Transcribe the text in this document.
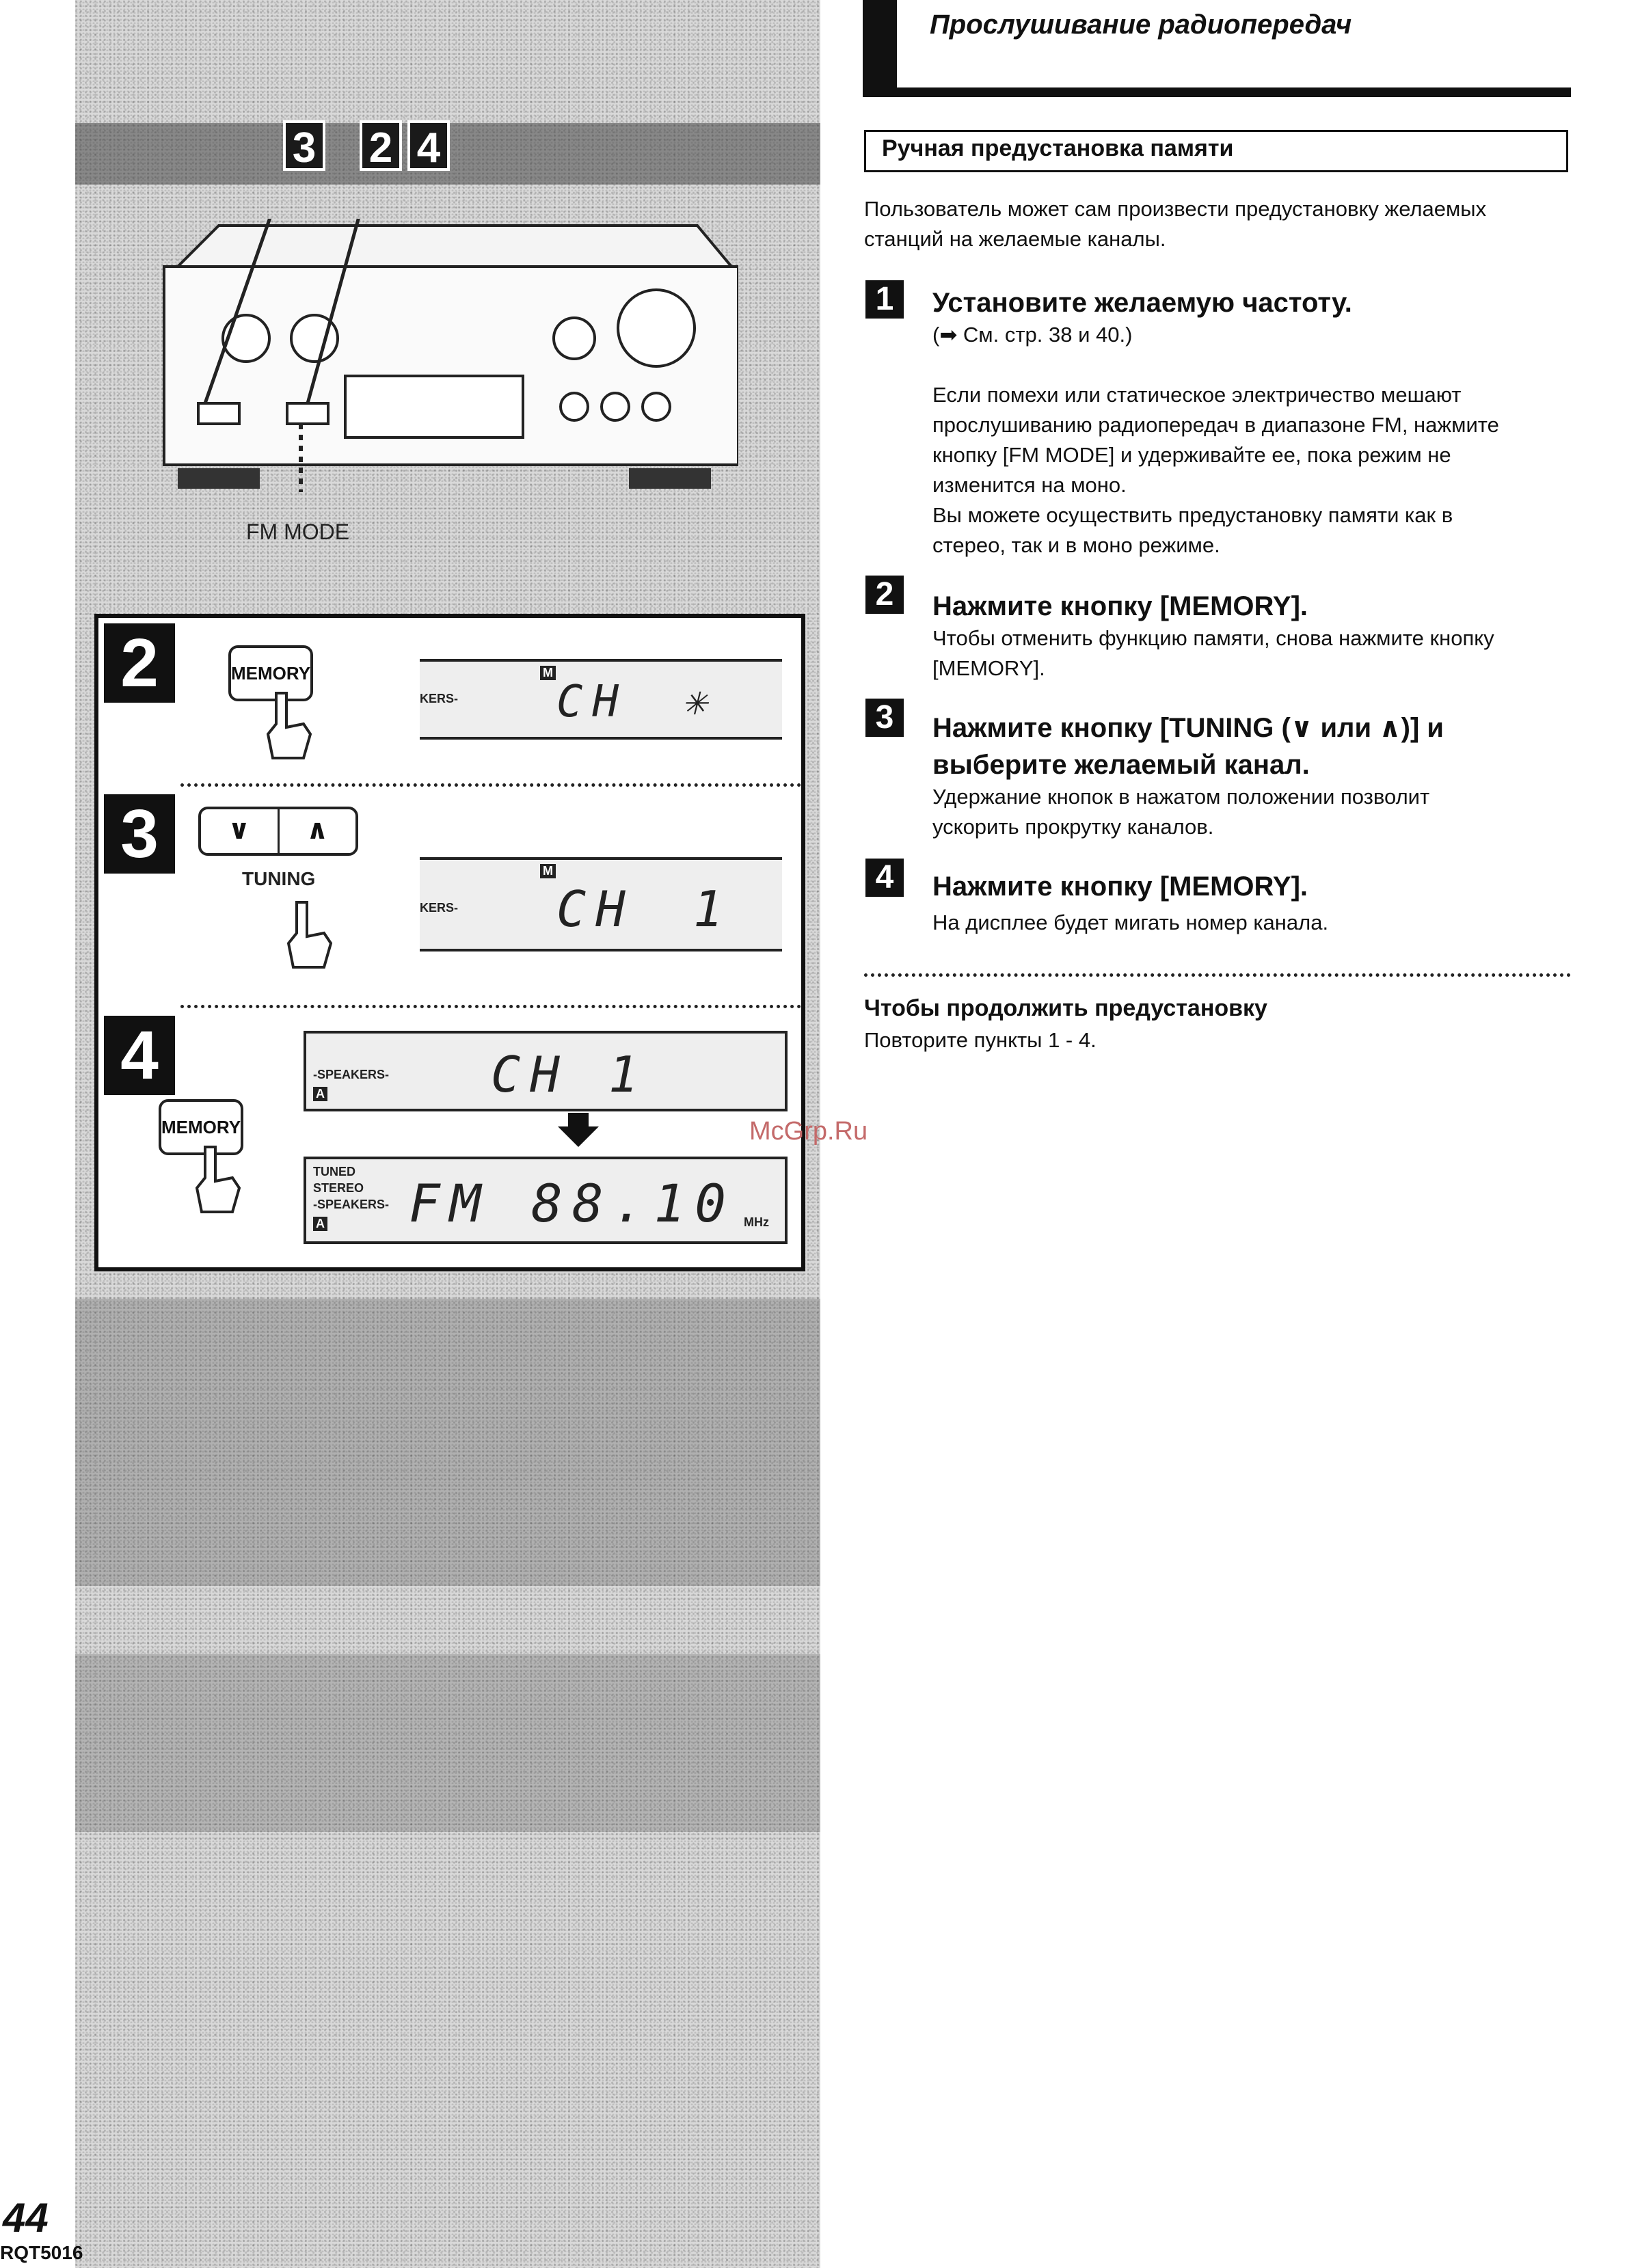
3 2 4
FM MODE
2	MEMORY	M
KERS- CH ✳
3	∨	∧
TUNING	M
KERS- CH 1
4	-SPEAKERS-
A	CH 1
MEMORY
TUNED
STEREO
-SPEAKERS-
A FM 88.10 MHz
Прослушивание радиопередач
Ручная предустановка памяти
Пользователь может сам произвести предустановку желаемых станций на желаемые каналы.
1	Установите желаемую частоту.
(➡ См. стр. 38 и 40.)
Если помехи или статическое электричество мешают
прослушиванию радиопередач в диапазоне FM, нажмите
кнопку [FM MODE] и удерживайте ее, пока режим не
изменится на моно.
Вы можете осуществить предустановку памяти как в
стерео, так и в моно режиме.
2	Нажмите кнопку [MEMORY].
Чтобы отменить функцию памяти, снова нажмите кнопку
[MEMORY].
3	Нажмите кнопку [TUNING (∨ или ∧)] и
выберите желаемый канал.
Удержание кнопок в нажатом положении позволит
ускорить прокрутку каналов.
4	Нажмите кнопку [MEMORY].
На дисплее будет мигать номер канала.
Чтобы продолжить предустановку
Повторите пункты 1 - 4.
McGrp.Ru
44
RQT5016
